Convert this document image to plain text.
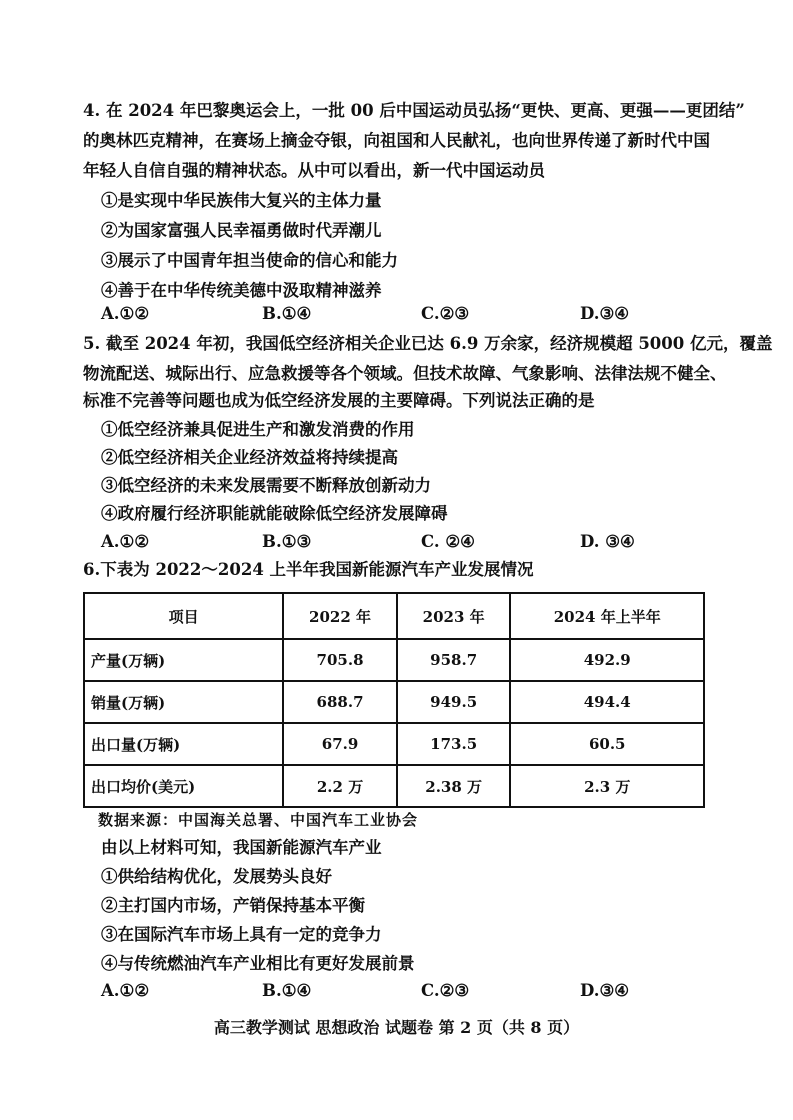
4. 在 2024 年巴黎奥运会上，一批 00 后中国运动员弘扬“更快、更高、更强——更团结”
的奥林匹克精神，在赛场上摘金夺银，向祖国和人民献礼，也向世界传递了新时代中国
年轻人自信自强的精神状态。从中可以看出，新一代中国运动员
①是实现中华民族伟大复兴的主体力量
②为国家富强人民幸福勇做时代弄潮儿
③展示了中国青年担当使命的信心和能力
④善于在中华传统美德中汲取精神滋养
A.①②	B.①④	C.②③	D.③④
5. 截至 2024 年初，我国低空经济相关企业已达 6.9 万余家，经济规模超 5000 亿元，覆盖
物流配送、城际出行、应急救援等各个领域。但技术故障、气象影响、法律法规不健全、
标准不完善等问题也成为低空经济发展的主要障碍。下列说法正确的是
①低空经济兼具促进生产和激发消费的作用
②低空经济相关企业经济效益将持续提高
③低空经济的未来发展需要不断释放创新动力
④政府履行经济职能就能破除低空经济发展障碍
A.①②	B.①③	C. ②④	D. ③④
6.下表为 2022～2024 上半年我国新能源汽车产业发展情况
项目	2022 年	2023 年	2024 年上半年
产量(万辆)	705.8	958.7	492.9
销量(万辆)	688.7	949.5	494.4
出口量(万辆)	67.9	173.5	60.5
出口均价(美元)	2.2 万	2.38 万	2.3 万
数据来源：中国海关总署、中国汽车工业协会
由以上材料可知，我国新能源汽车产业
①供给结构优化，发展势头良好
②主打国内市场，产销保持基本平衡
③在国际汽车市场上具有一定的竞争力
④与传统燃油汽车产业相比有更好发展前景
A.①②	B.①④	C.②③	D.③④
高三教学测试 思想政治 试题卷 第 2 页（共 8 页）
